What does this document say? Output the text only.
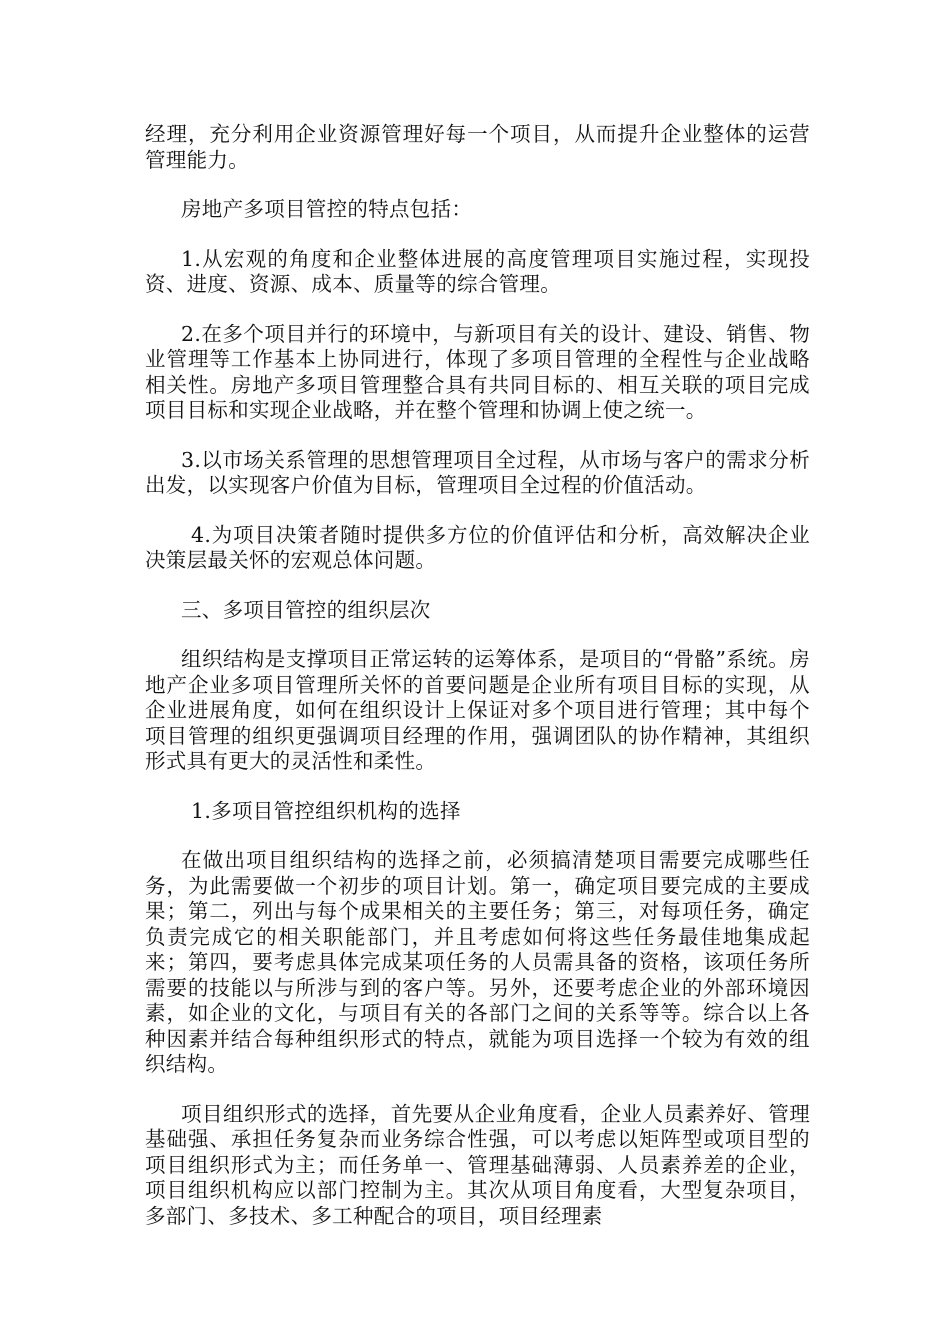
经理，充分利用企业资源管理好每一个项目，从而提升企业整体的运营管理能力。

房地产多项目管控的特点包括：

1.从宏观的角度和企业整体进展的高度管理项目实施过程，实现投资、进度、资源、成本、质量等的综合管理。

2.在多个项目并行的环境中，与新项目有关的设计、建设、销售、物业管理等工作基本上协同进行，体现了多项目管理的全程性与企业战略相关性。房地产多项目管理整合具有共同目标的、相互关联的项目完成项目目标和实现企业战略，并在整个管理和协调上使之统一。

3.以市场关系管理的思想管理项目全过程，从市场与客户的需求分析出发，以实现客户价值为目标，管理项目全过程的价值活动。

4.为项目决策者随时提供多方位的价值评估和分析，高效解决企业决策层最关怀的宏观总体问题。

三、多项目管控的组织层次

组织结构是支撑项目正常运转的运筹体系，是项目的“骨骼”系统。房地产企业多项目管理所关怀的首要问题是企业所有项目目标的实现，从企业进展角度，如何在组织设计上保证对多个项目进行管理；其中每个项目管理的组织更强调项目经理的作用，强调团队的协作精神，其组织形式具有更大的灵活性和柔性。

1.多项目管控组织机构的选择

在做出项目组织结构的选择之前，必须搞清楚项目需要完成哪些任务，为此需要做一个初步的项目计划。第一，确定项目要完成的主要成果；第二，列出与每个成果相关的主要任务；第三，对每项任务，确定负责完成它的相关职能部门，并且考虑如何将这些任务最佳地集成起来；第四，要考虑具体完成某项任务的人员需具备的资格，该项任务所需要的技能以与所涉与到的客户等。另外，还要考虑企业的外部环境因素，如企业的文化，与项目有关的各部门之间的关系等等。综合以上各种因素并结合每种组织形式的特点，就能为项目选择一个较为有效的组织结构。

项目组织形式的选择，首先要从企业角度看，企业人员素养好、管理基础强、承担任务复杂而业务综合性强，可以考虑以矩阵型或项目型的项目组织形式为主；而任务单一、管理基础薄弱、人员素养差的企业，项目组织机构应以部门控制为主。其次从项目角度看，大型复杂项目，多部门、多技术、多工种配合的项目，项目经理素
